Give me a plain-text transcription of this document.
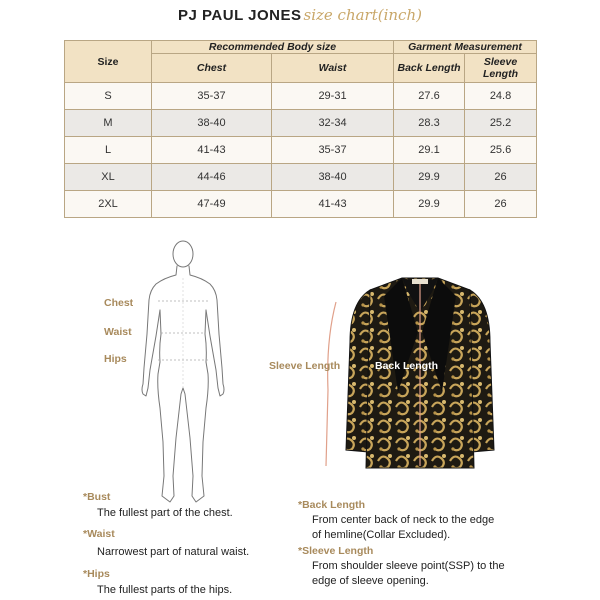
PJ PAUL JONES size chart(inch)
Size	Recommended Body size		Garment Measurement	
	Chest	Waist	Back Length	Sleeve Length
S	35-37	29-31	27.6	24.8
M	38-40	32-34	28.3	25.2
L	41-43	35-37	29.1	25.6
XL	44-46	38-40	29.9	26
2XL	47-49	41-43	29.9	26
Chest
Waist
Hips
Sleeve Length	Back Length
*Bust
The fullest part of the chest.
*Waist
Narrowest part of natural waist.
*Hips
The fullest parts of the hips.
*Back Length
From center back of neck to the edge
of hemline(Collar Excluded).
*Sleeve Length
From shoulder sleeve point(SSP) to the
edge of sleeve opening.
